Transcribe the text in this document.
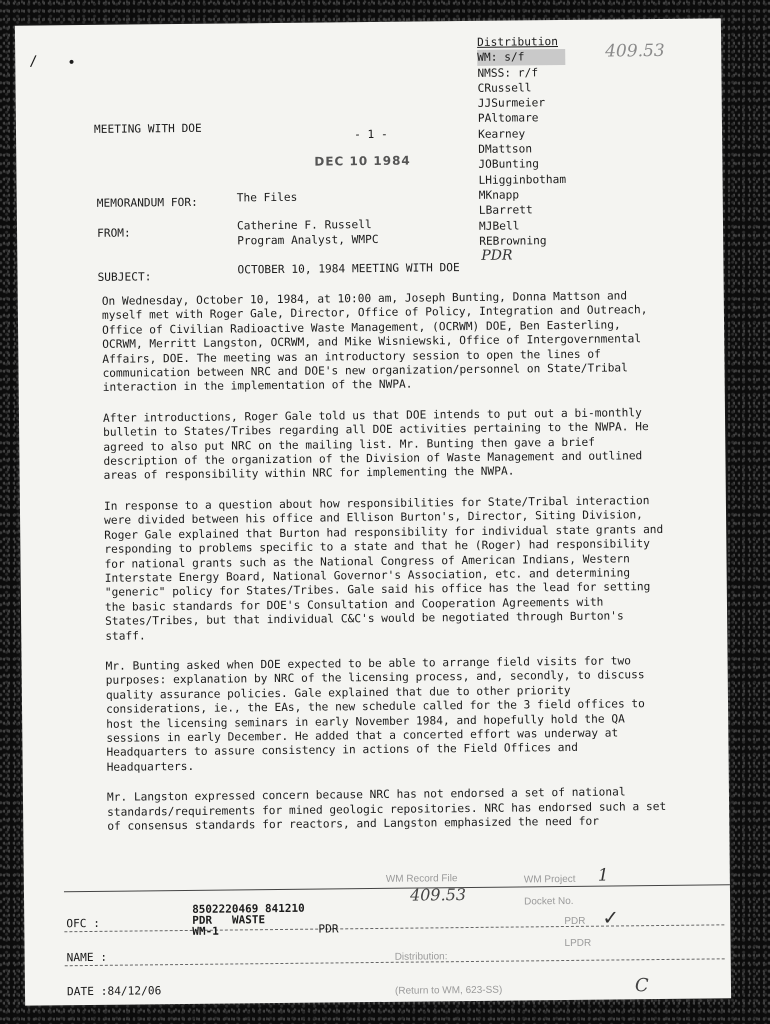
/ •
409.53
Distribution
WM: s/f
NMSS: r/f
CRussell
JJSurmeier
PAltomare
Kearney
DMattson
JOBunting
LHigginbotham
MKnapp
LBarrett
MJBell
REBrowning
PDR
MEETING WITH DOE	- 1 -
DEC 10 1984
MEMORANDUM FOR:	The Files
FROM:
Catherine F. Russell
Program Analyst, WMPC
SUBJECT:
OCTOBER 10, 1984 MEETING WITH DOE

On Wednesday, October 10, 1984, at 10:00 am, Joseph Bunting, Donna Mattson and myself met with Roger Gale, Director, Office of Policy, Integration and Outreach, Office of Civilian Radioactive Waste Management, (OCRWM) DOE, Ben Easterling, OCRWM, Merritt Langston, OCRWM, and Mike Wisniewski, Office of Intergovernmental Affairs, DOE. The meeting was an introductory session to open the lines of communication between NRC and DOE's new organization/personnel on State/Tribal interaction in the implementation of the NWPA.

After introductions, Roger Gale told us that DOE intends to put out a bi-monthly bulletin to States/Tribes regarding all DOE activities pertaining to the NWPA. He agreed to also put NRC on the mailing list. Mr. Bunting then gave a brief description of the organization of the Division of Waste Management and outlined areas of responsibility within NRC for implementing the NWPA.

In response to a question about how responsibilities for State/Tribal interaction were divided between his office and Ellison Burton's, Director, Siting Division, Roger Gale explained that Burton had responsibility for individual state grants and responding to problems specific to a state and that he (Roger) had responsibility for national grants such as the National Congress of American Indians, Western Interstate Energy Board, National Governor's Association, etc. and determining "generic" policy for States/Tribes. Gale said his office has the lead for setting the basic standards for DOE's Consultation and Cooperation Agreements with States/Tribes, but that individual C&C's would be negotiated through Burton's staff.

Mr. Bunting asked when DOE expected to be able to arrange field visits for two purposes: explanation by NRC of the licensing process, and, secondly, to discuss quality assurance policies. Gale explained that due to other priority considerations, ie., the EAs, the new schedule called for the 3 field offices to host the licensing seminars in early November 1984, and hopefully hold the QA sessions in early December. He added that a concerted effort was underway at Headquarters to assure consistency in actions of the Field Offices and Headquarters.

Mr. Langston expressed concern because NRC has not endorsed a set of national standards/requirements for mined geologic repositories. NRC has endorsed such a set of consensus standards for reactors, and Langston emphasized the need for

WM Record File
409.53
WM Project 1
Docket No.
PDR ✓
LPDR
Distribution:
(Return to WM, 623-SS)	C
OFC :
NAME :
DATE :84/12/06
8502220469 841210
PDR   WASTE
WM-1	PDR
